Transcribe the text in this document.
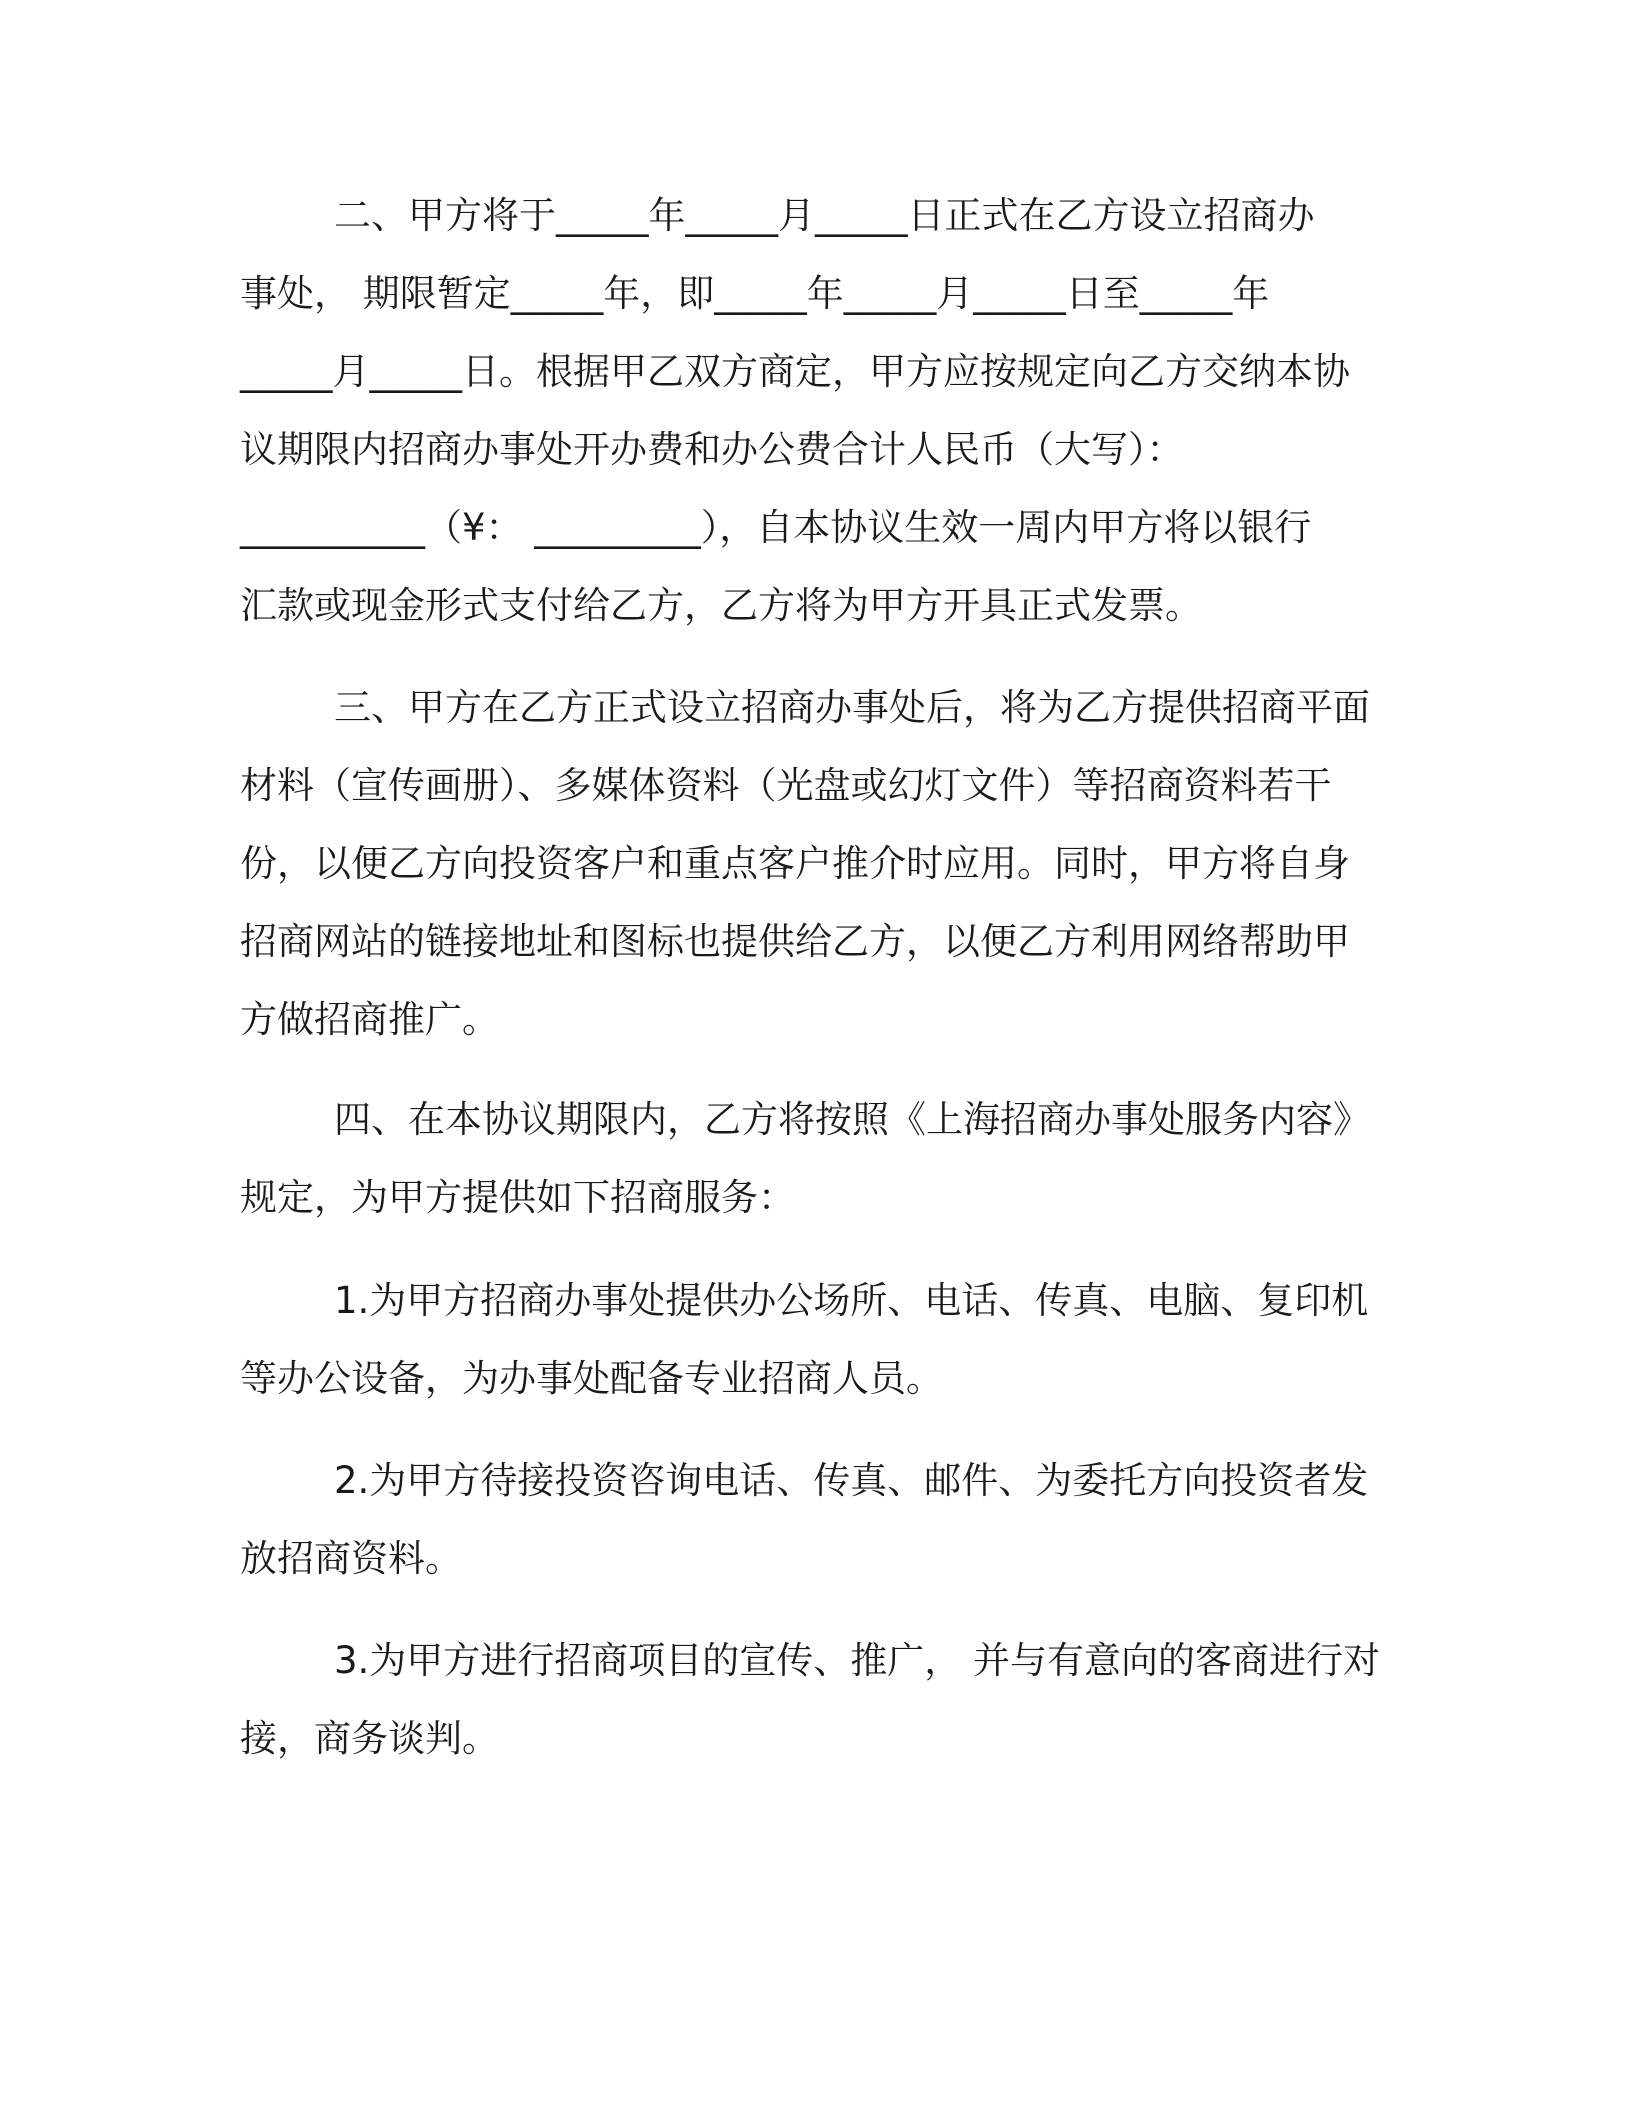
二、甲方将于_____年_____月_____日正式在乙方设立招商办

事处， 期限暂定_____年，即_____年_____月_____日至_____年

_____月_____日。根据甲乙双方商定，甲方应按规定向乙方交纳本协

议期限内招商办事处开办费和办公费合计人民币（大写）：

__________（¥： _________），自本协议生效一周内甲方将以银行

汇款或现金形式支付给乙方，乙方将为甲方开具正式发票。

三、甲方在乙方正式设立招商办事处后，将为乙方提供招商平面

材料（宣传画册）、多媒体资料（光盘或幻灯文件）等招商资料若干

份，以便乙方向投资客户和重点客户推介时应用。同时，甲方将自身

招商网站的链接地址和图标也提供给乙方，以便乙方利用网络帮助甲

方做招商推广。

四、在本协议期限内，乙方将按照《上海招商办事处服务内容》

规定，为甲方提供如下招商服务：

1.为甲方招商办事处提供办公场所、电话、传真、电脑、复印机

等办公设备，为办事处配备专业招商人员。

2.为甲方待接投资咨询电话、传真、邮件、为委托方向投资者发

放招商资料。

3.为甲方进行招商项目的宣传、推广， 并与有意向的客商进行对

接，商务谈判。
